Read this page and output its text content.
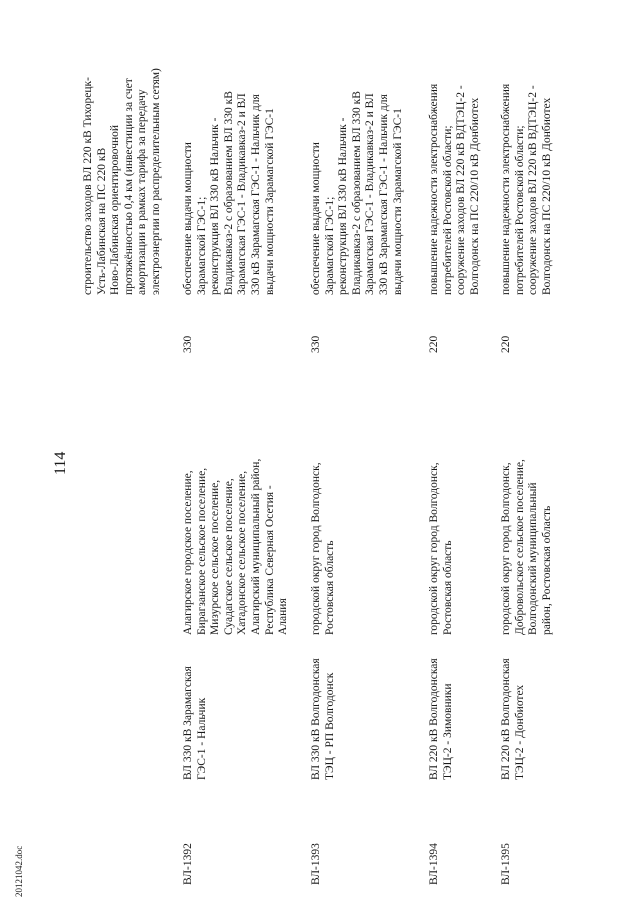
20121042.doc
114
строительство заходов ВЛ 220 кВ Тихорецк-
Усть-Лабинская на ПС 220 кВ
Ново-Лабинская ориентировочной
протяжённостью 0,4 км (инвестиции за счет
амортизации в рамках тарифа за передачу
электроэнергии по распределительным сетям)
ВЛ-1392
ВЛ 330 кВ Зарамагская
ГЭС-1 - Нальчик
Алагирское городское поселение,
Бирагзанское сельское поселение,
Мизурское сельское поселение,
Суадагское сельское поселение,
Хатадонское сельское поселение,
Алагирский муниципальный район,
Республика Северная Осетия -
Алания
330
обеспечение выдачи мощности
Зарамагской ГЭС-1;
реконструкция ВЛ 330 кВ Нальчик -
Владикавказ-2 с образованием ВЛ 330 кВ
Зарамагская ГЭС-1 - Владикавказ-2 и ВЛ
330 кВ Зарамагская ГЭС-1 - Нальчик для
выдачи мощности Зарамагской ГЭС-1
ВЛ-1393
ВЛ 330 кВ Волгодонская
ТЭЦ - РП Волгодонск
городской округ город Волгодонск,
Ростовская область
330
обеспечение выдачи мощности
Зарамагской ГЭС-1;
реконструкция ВЛ 330 кВ Нальчик -
Владикавказ-2 с образованием ВЛ 330 кВ
Зарамагская ГЭС-1 - Владикавказ-2 и ВЛ
330 кВ Зарамагская ГЭС-1 - Нальчик для
выдачи мощности Зарамагской ГЭС-1
ВЛ-1394
ВЛ 220 кВ Волгодонская
ТЭЦ-2 - Зимовники
городской округ город Волгодонск,
Ростовская область
220
повышение надежности электроснабжения
потребителей Ростовской области;
сооружение заходов ВЛ 220 кВ ВДТЭЦ-2 -
Волгодонск на ПС 220/10 кВ Донбиотех
ВЛ-1395
ВЛ 220 кВ Волгодонская
ТЭЦ-2 - Донбиотех
городской округ город Волгодонск,
Добровольское сельское поселение,
Волгодонский муниципальный
район, Ростовская область
220
повышение надежности электроснабжения
потребителей Ростовской области;
сооружение заходов ВЛ 220 кВ ВДТЭЦ-2 -
Волгодонск на ПС 220/10 кВ Донбиотех
